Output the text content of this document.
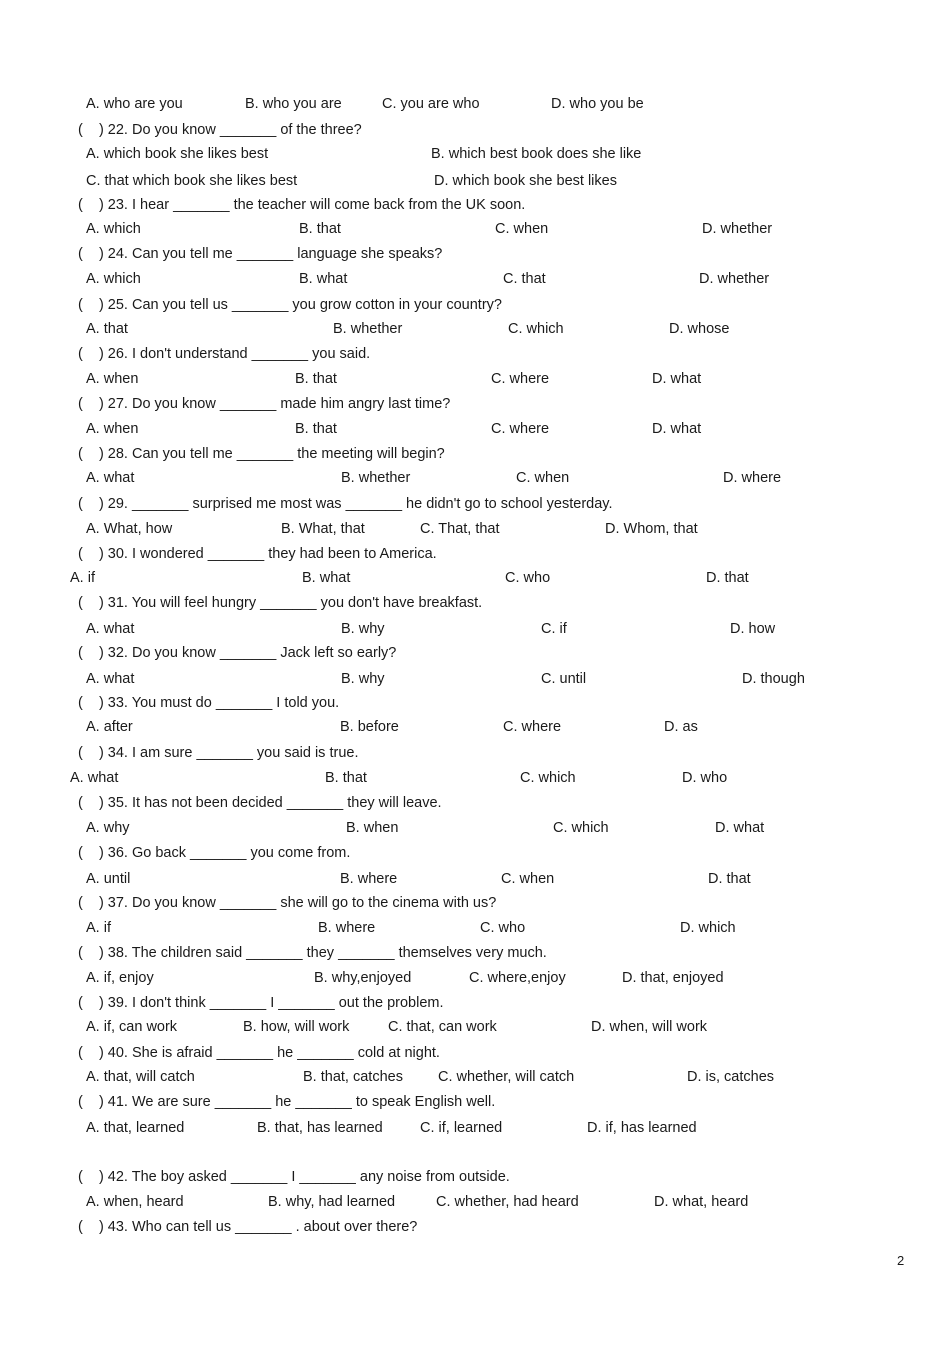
A. who are you	B. who you are	C. you are who	D. who you be
(    ) 22. Do you know _______ of the three?
A. which book she likes best	B. which best book does she like
C. that which book she likes best	D. which book she best likes
(    ) 23. I hear _______ the teacher will come back from the UK soon.
A. which	B. that	C. when	D. whether
(    ) 24. Can you tell me _______ language she speaks?
A. which	B. what	C. that	D. whether
(    ) 25. Can you tell us _______ you grow cotton in your country?
A. that	B. whether	C. which	D. whose
(    ) 26. I don't understand _______ you said.
A. when	B. that	C. where	D. what
(    ) 27. Do you know _______ made him angry last time?
A. when	B. that	C. where	D. what
(    ) 28. Can you tell me _______ the meeting will begin?
A. what	B. whether	C. when	D. where
(    ) 29. _______ surprised me most was _______ he didn't go to school yesterday.
A. What, how	B. What, that	C. That, that	D. Whom, that
(    ) 30. I wondered _______ they had been to America.
A. if	B. what	C. who	D. that
(    ) 31. You will feel hungry _______ you don't have breakfast.
A. what	B. why	C. if	D. how
(    ) 32. Do you know _______ Jack left so early?
A. what	B. why	C. until	D. though
(    ) 33. You must do _______ I told you.
A. after	B. before	C. where	D. as
(    ) 34. I am sure _______ you said is true.
A. what	B. that	C. which	D. who
(    ) 35. It has not been decided _______ they will leave.
A. why	B. when	C. which	D. what
(    ) 36. Go back _______ you come from.
A. until	B. where	C. when	D. that
(    ) 37. Do you know _______ she will go to the cinema with us?
A. if	B. where	C. who	D. which
(    ) 38. The children said _______ they _______ themselves very much.
A. if, enjoy	B. why,enjoyed	C. where,enjoy	D. that, enjoyed
(    ) 39. I don't think _______ I _______ out the problem.
A. if, can work	B. how, will work	C. that, can work	D. when, will work
(    ) 40. She is afraid _______ he _______ cold at night.
A. that, will catch	B. that, catches C. whether, will catch	D. is, catches
(    ) 41. We are sure _______ he _______ to speak English well.
A. that, learned	B. that, has learned	C. if, learned	D. if, has learned
(    ) 42. The boy asked _______ I _______ any noise from outside.
A. when, heard	B. why, had learned	C. whether, had heard	D. what, heard
(    ) 43. Who can tell us _______ . about over there?
2
